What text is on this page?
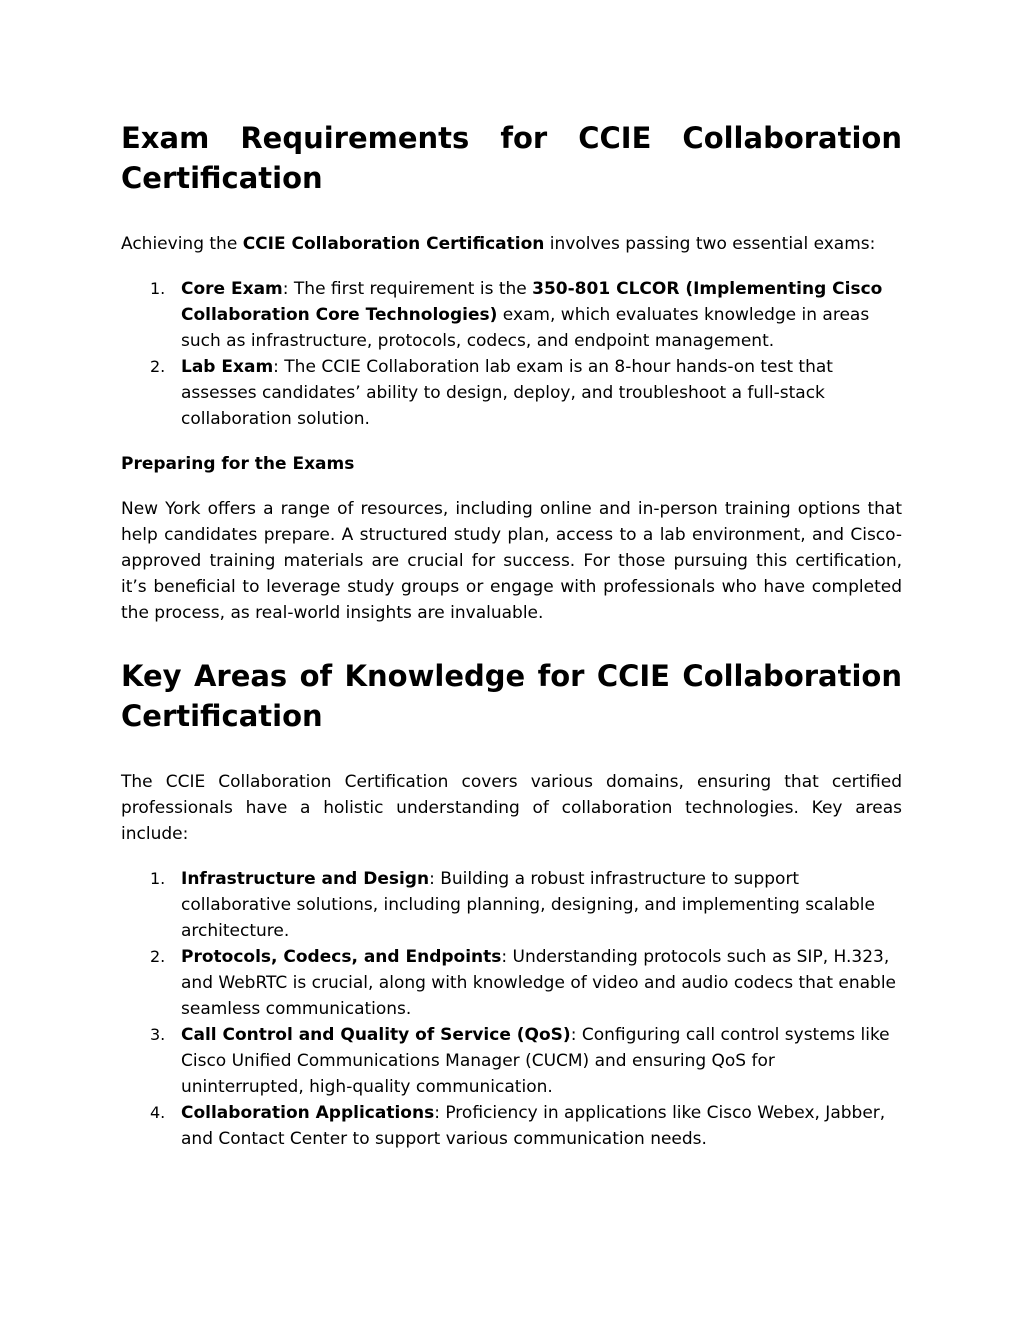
Exam Requirements for CCIE Collaboration Certification

Achieving the CCIE Collaboration Certification involves passing two essential exams:

1. Core Exam: The first requirement is the 350-801 CLCOR (Implementing Cisco Collaboration Core Technologies) exam, which evaluates knowledge in areas such as infrastructure, protocols, codecs, and endpoint management.
2. Lab Exam: The CCIE Collaboration lab exam is an 8-hour hands-on test that assesses candidates’ ability to design, deploy, and troubleshoot a full-stack collaboration solution.
Preparing for the Exams

New York offers a range of resources, including online and in-person training options that help candidates prepare. A structured study plan, access to a lab environment, and Cisco-approved training materials are crucial for success. For those pursuing this certification, it’s beneficial to leverage study groups or engage with professionals who have completed the process, as real-world insights are invaluable.

Key Areas of Knowledge for CCIE Collaboration Certification

The CCIE Collaboration Certification covers various domains, ensuring that certified professionals have a holistic understanding of collaboration technologies. Key areas include:

1. Infrastructure and Design: Building a robust infrastructure to support collaborative solutions, including planning, designing, and implementing scalable architecture.
2. Protocols, Codecs, and Endpoints: Understanding protocols such as SIP, H.323, and WebRTC is crucial, along with knowledge of video and audio codecs that enable seamless communications.
3. Call Control and Quality of Service (QoS): Configuring call control systems like Cisco Unified Communications Manager (CUCM) and ensuring QoS for uninterrupted, high-quality communication.
4. Collaboration Applications: Proficiency in applications like Cisco Webex, Jabber, and Contact Center to support various communication needs.
